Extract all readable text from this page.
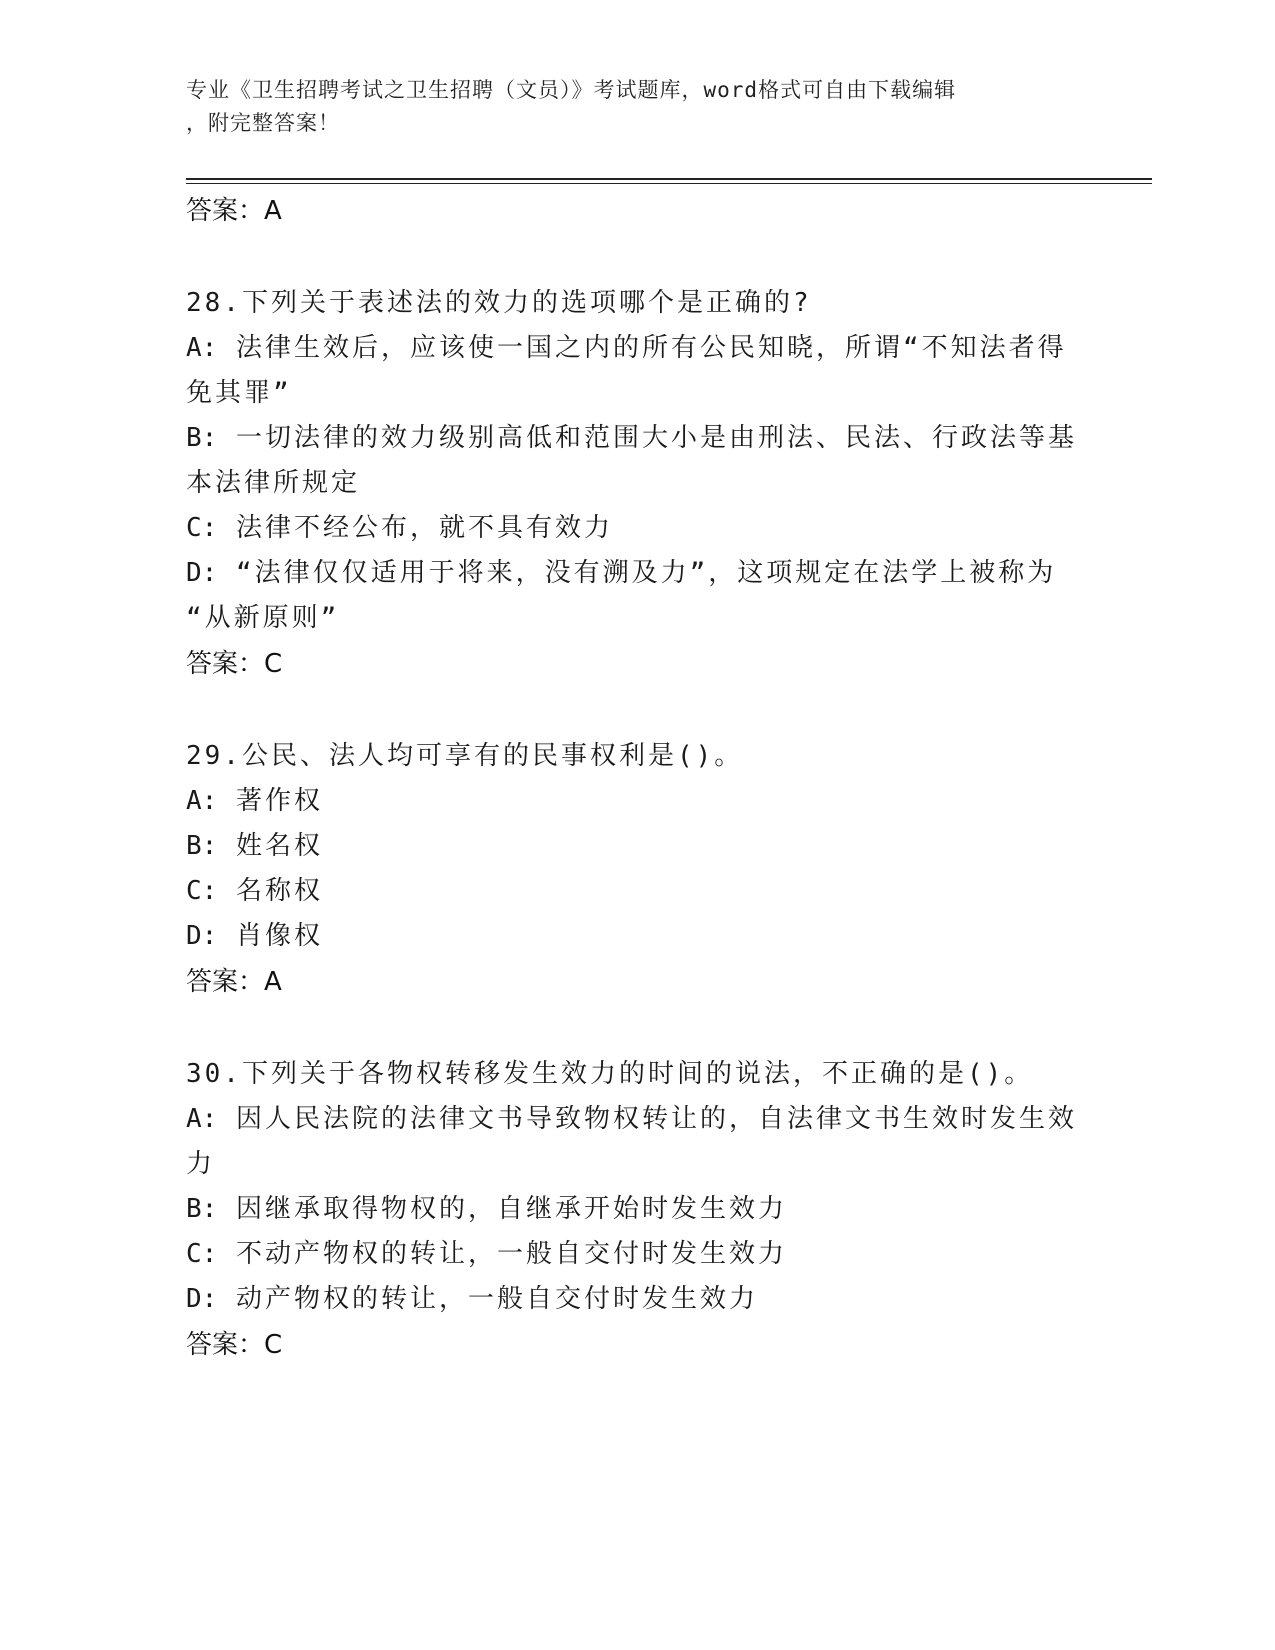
专业《卫生招聘考试之卫生招聘（文员）》考试题库，word格式可自由下载编辑
，附完整答案！
答案：A
28.下列关于表述法的效力的选项哪个是正确的?
A: 法律生效后，应该使一国之内的所有公民知晓，所谓“不知法者得
免其罪”
B: 一切法律的效力级别高低和范围大小是由刑法、民法、行政法等基
本法律所规定
C: 法律不经公布，就不具有效力
D: “法律仅仅适用于将来，没有溯及力”，这项规定在法学上被称为
“从新原则”
答案：C
29.公民、法人均可享有的民事权利是()。
A: 著作权
B: 姓名权
C: 名称权
D: 肖像权
答案：A
30.下列关于各物权转移发生效力的时间的说法，不正确的是()。
A: 因人民法院的法律文书导致物权转让的，自法律文书生效时发生效
力
B: 因继承取得物权的，自继承开始时发生效力
C: 不动产物权的转让，一般自交付时发生效力
D: 动产物权的转让，一般自交付时发生效力
答案：C
